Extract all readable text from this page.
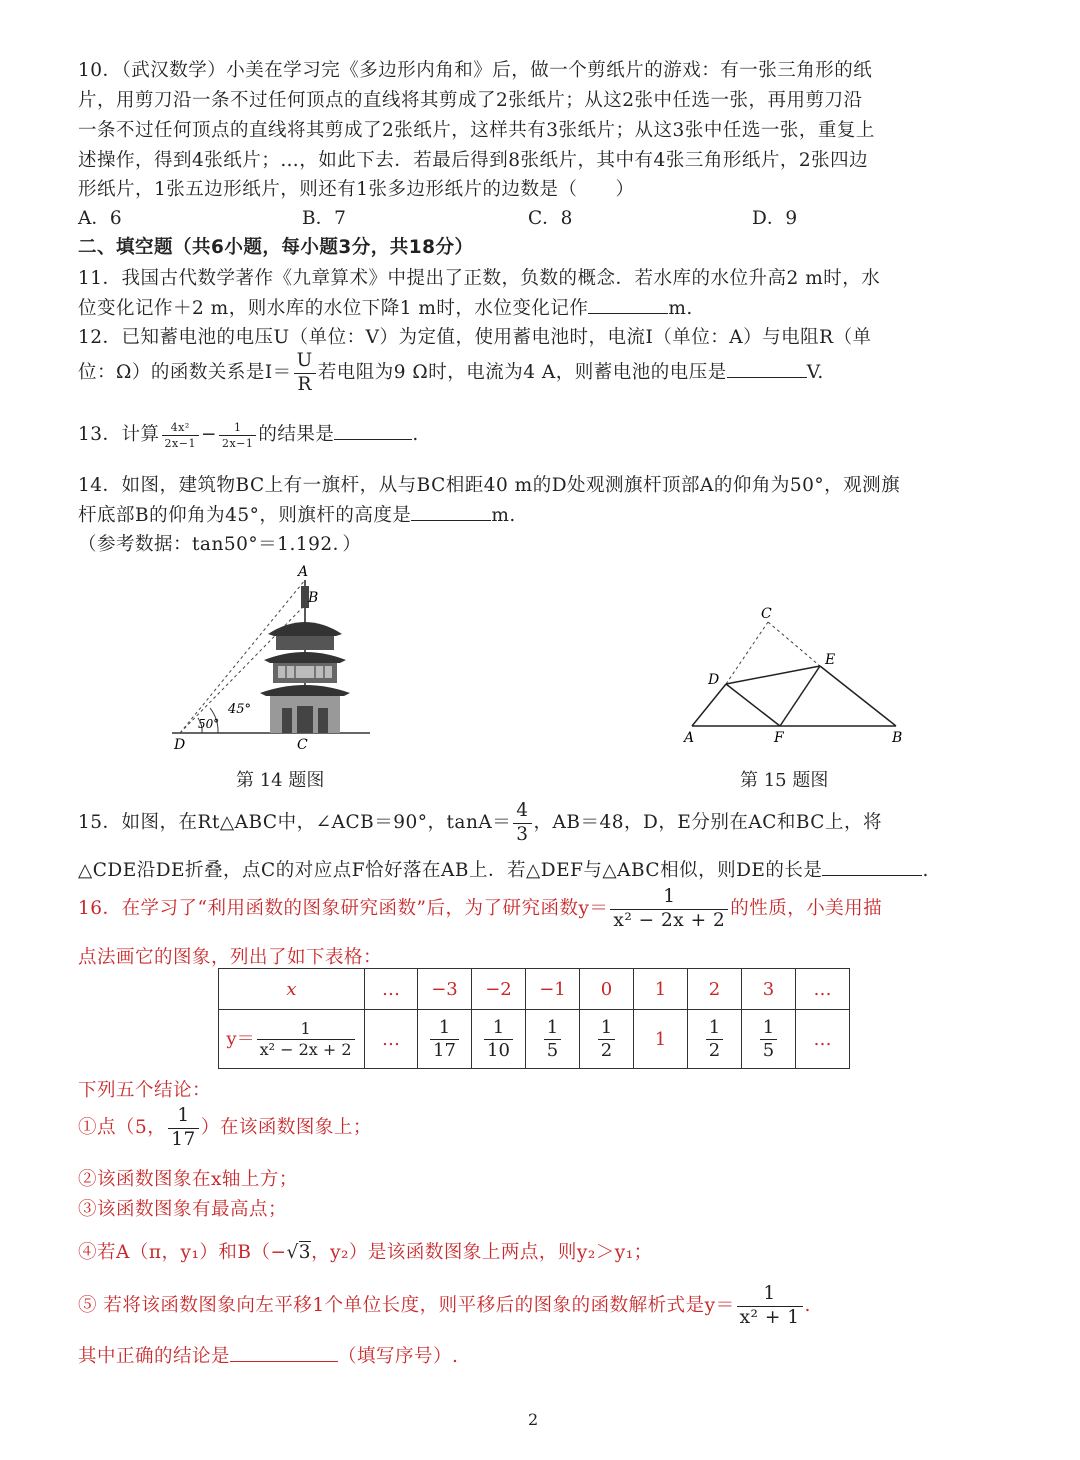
10．（武汉数学）小美在学习完《多边形内角和》后，做一个剪纸片的游戏：有一张三角形的纸
片，用剪刀沿一条不过任何顶点的直线将其剪成了2张纸片；从这2张中任选一张，再用剪刀沿
一条不过任何顶点的直线将其剪成了2张纸片，这样共有3张纸片；从这3张中任选一张，重复上
述操作，得到4张纸片；…，如此下去．若最后得到8张纸片，其中有4张三角形纸片，2张四边
形纸片，1张五边形纸片，则还有1张多边形纸片的边数是（　　）
A．6	B．7	C．8	D．9
二、填空题（共6小题，每小题3分，共18分）
11．我国古代数学著作《九章算术》中提出了正数，负数的概念．若水库的水位升高2 m时，水
位变化记作＋2 m，则水库的水位下降1 m时，水位变化记作	m.
12．已知蓄电池的电压U（单位：V）为定值，使用蓄电池时，电流I（单位：A）与电阻R（单
位：Ω）的函数关系是$I= \frac{U}{R}$ 若电阻为9 Ω时，电流为4 A，则蓄电池的电压是	V.
13．计算 $\frac{\text{4x²}}{2x-1} - \frac{1}{2x-1}$ 的结果是	.
14．如图，建筑物BC上有一旗杆，从与BC相距40 m的D处观测旗杆顶部A的仰角为50°，观测旗
杆底部B的仰角为45°，则旗杆的高度是	m.
（参考数据：tan50°＝1.192．）
45°
50°
A
B
C
D
第 14 题图
A	B
C
D
E
F
第 15 题图
15．如图，在Rt△ABC中，∠ACB＝90°，$\tan A= \frac{4}{3}$ ，AB＝48，D，E分别在AC和BC上，将
△CDE沿DE折叠，点C的对应点F恰好落在AB上．若△DEF与△ABC相似，则DE的长是	.
16．在学习了“利用函数的图象研究函数”后，为了研究函数$y= \frac{1}{\text{x² − 2x + 2}}$ 的性质，小美用描
点法画它的图象，列出了如下表格：
x	…	−3	−2	−1	0	1	2	3	…
$y= \frac{1}{\text{x² − 2x + 2}}$	…	$\frac{1}{17}$	$\frac{1}{10}$	$\frac{1}{5}$	$\frac{1}{2}$	1	$\frac{1}{2}$	$\frac{1}{5}$	…
下列五个结论：
①点（5， $\frac{1}{17}$ ）在该函数图象上；
②该函数图象在x轴上方；
③该函数图象有最高点；
④若A（π，y₁）和B（−√3，y₂）是该函数图象上两点，则y₂＞y₁；
⑤ 若将该函数图象向左平移1个单位长度，则平移后的图象的函数解析式是$y= \frac{1}{\text{x² + 1}}$ .
其中正确的结论是	（填写序号）.
2
